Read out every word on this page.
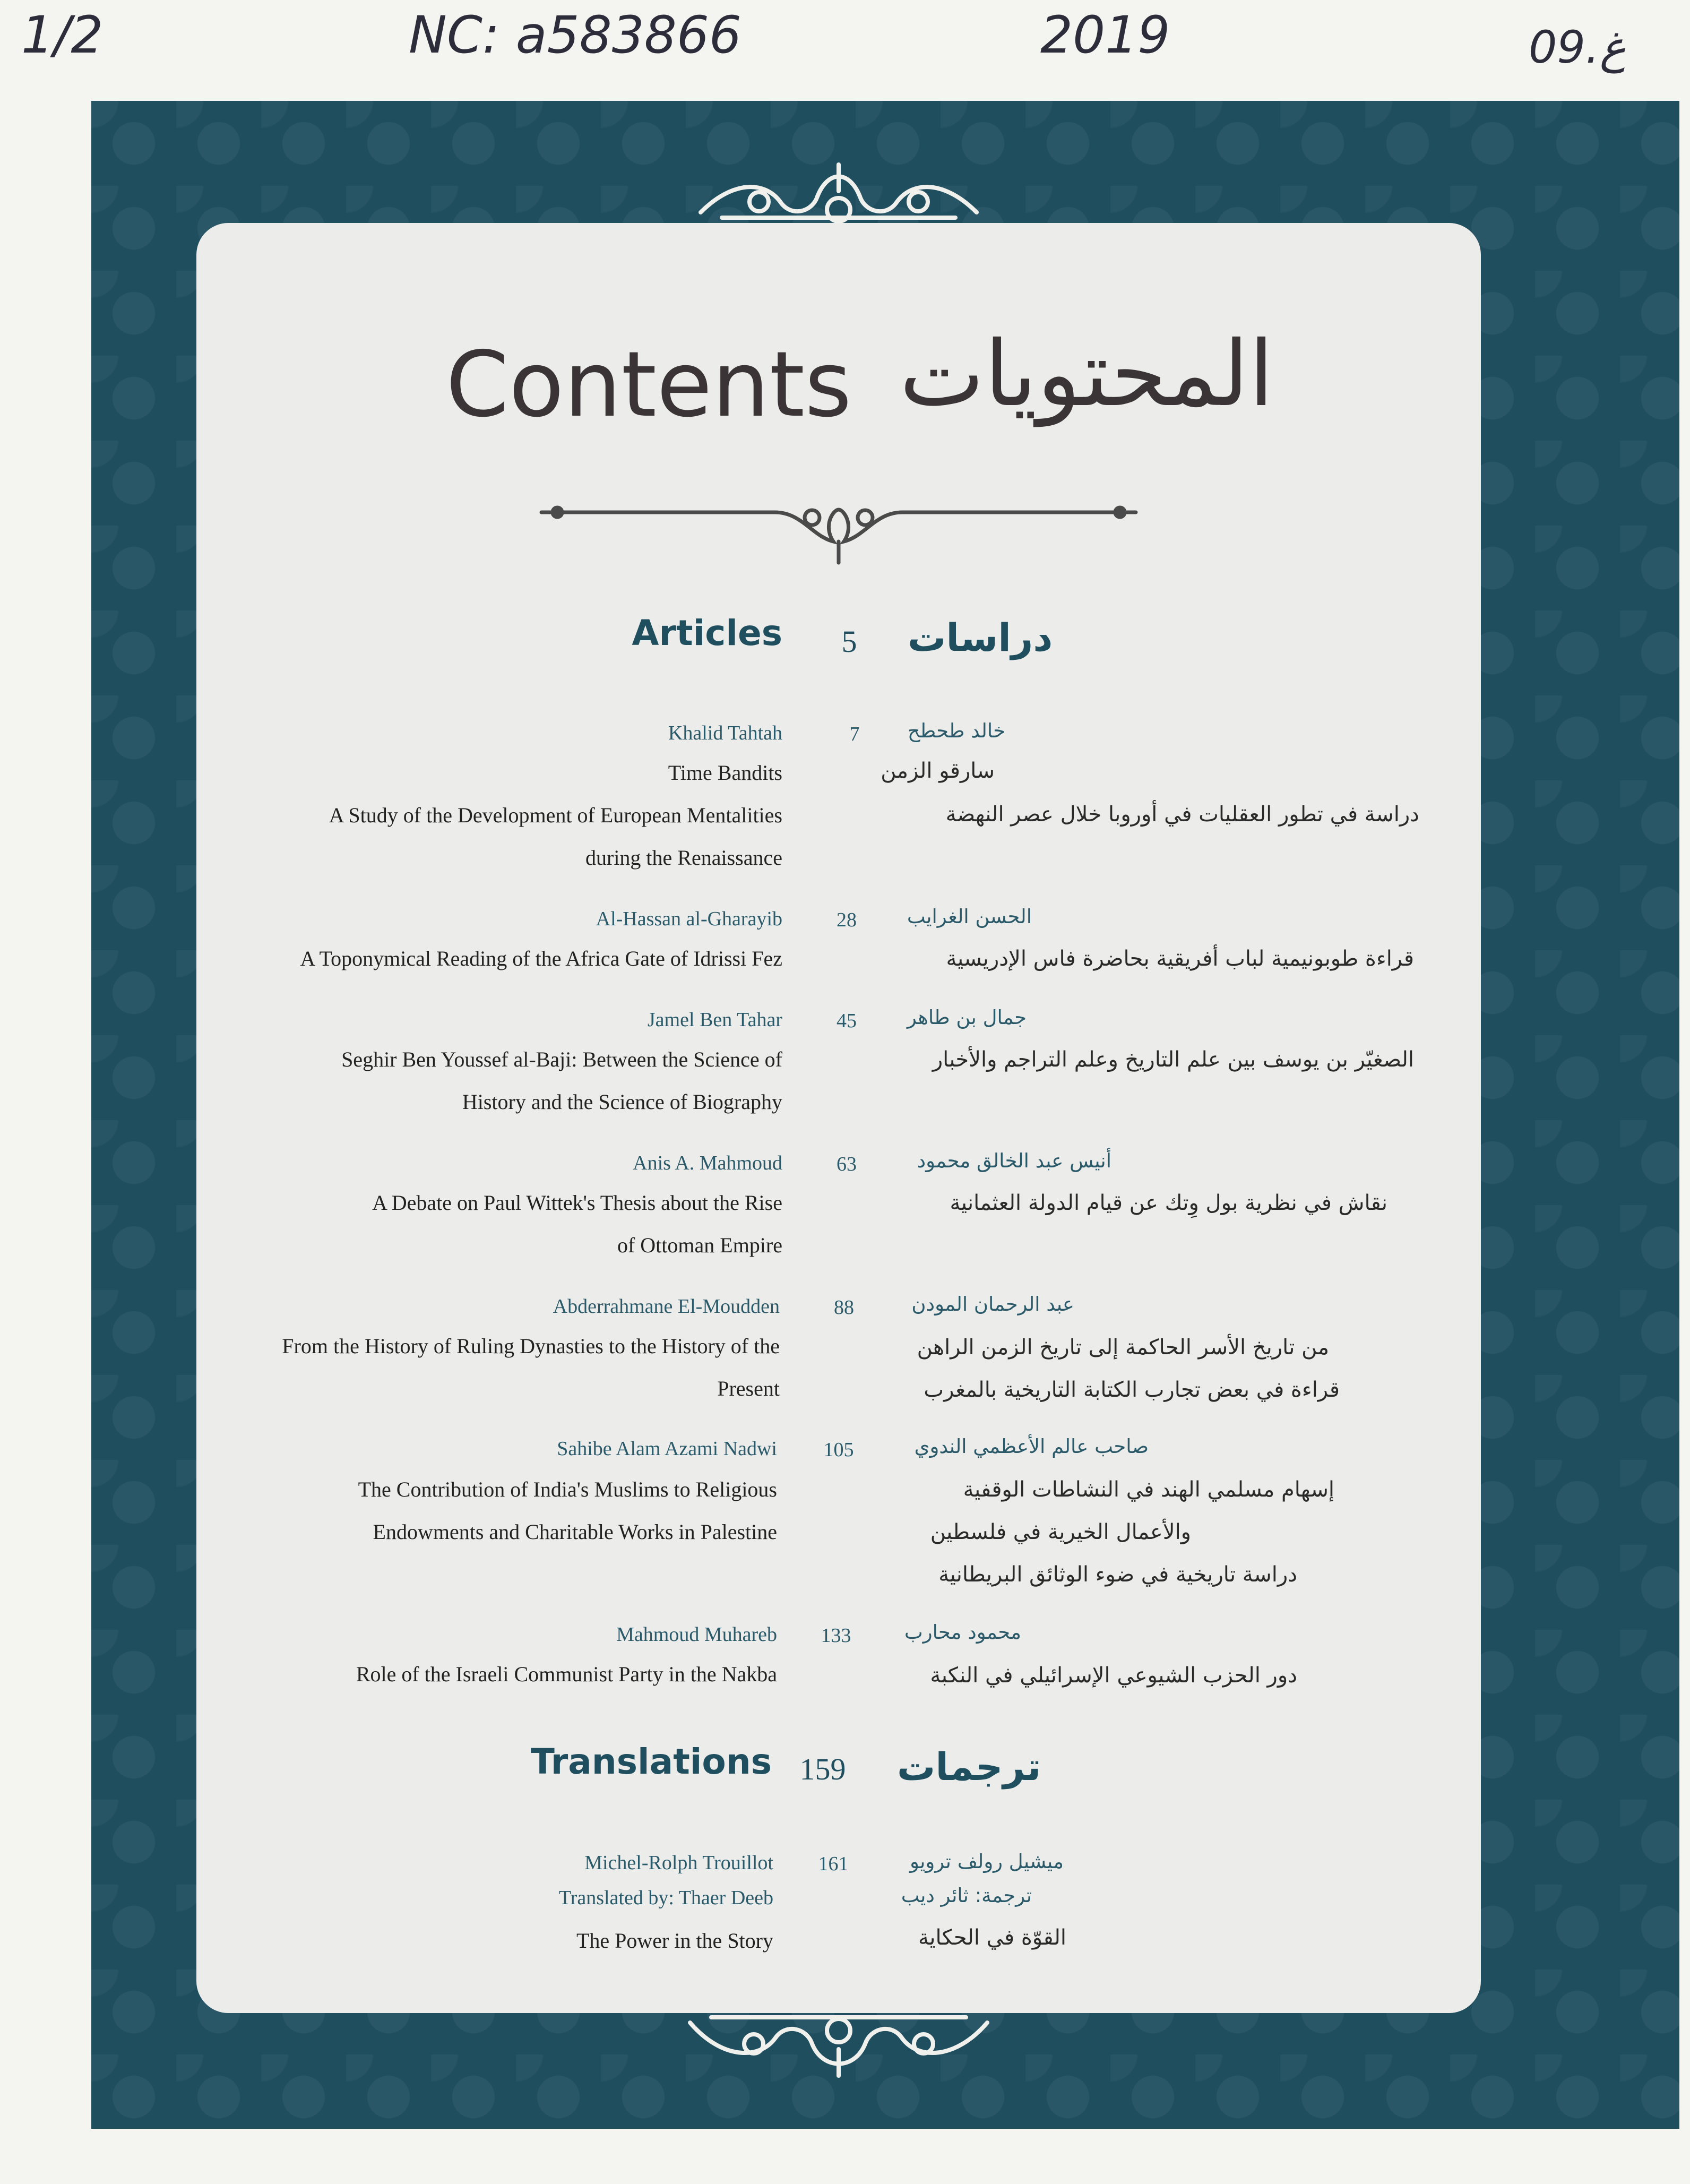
1/2	NC: a583866	2019	09.غ
Contents المحتويات
Articles	5	دراسات
Khalid Tahtah	7	خالد طحطح
Time Bandits
A Study of the Development of European Mentalities
during the Renaissance
سارقو الزمن
دراسة في تطور العقليات في أوروبا خلال عصر النهضة
Al-Hassan al-Gharayib	28	الحسن الغرايب
A Toponymical Reading of the Africa Gate of Idrissi Fez	قراءة طوبونيمية لباب أفريقية بحاضرة فاس الإدريسية
Jamel Ben Tahar	45	جمال بن طاهر
Seghir Ben Youssef al-Baji: Between the Science of
History and the Science of Biography
الصغيّر بن يوسف بين علم التاريخ وعلم التراجم والأخبار
Anis A. Mahmoud	63	أنيس عبد الخالق محمود
A Debate on Paul Wittek's Thesis about the Rise
of Ottoman Empire
نقاش في نظرية بول وِتك عن قيام الدولة العثمانية
Abderrahmane El-Moudden	88	عبد الرحمان المودن
From the History of Ruling Dynasties to the History of the
Present
من تاريخ الأسر الحاكمة إلى تاريخ الزمن الراهن
قراءة في بعض تجارب الكتابة التاريخية بالمغرب
Sahibe Alam Azami Nadwi	105	صاحب عالم الأعظمي الندوي
The Contribution of India's Muslims to Religious
Endowments and Charitable Works in Palestine
إسهام مسلمي الهند في النشاطات الوقفية
والأعمال الخيرية في فلسطين
دراسة تاريخية في ضوء الوثائق البريطانية
Mahmoud Muhareb	133	محمود محارب
Role of the Israeli Communist Party in the Nakba	دور الحزب الشيوعي الإسرائيلي في النكبة
Translations 159 ترجمات
Michel-Rolph Trouillot	161	ميشيل رولف ترويو
Translated by: Thaer Deeb	ترجمة: ثائر ديب
The Power in the Story	القوّة في الحكاية
